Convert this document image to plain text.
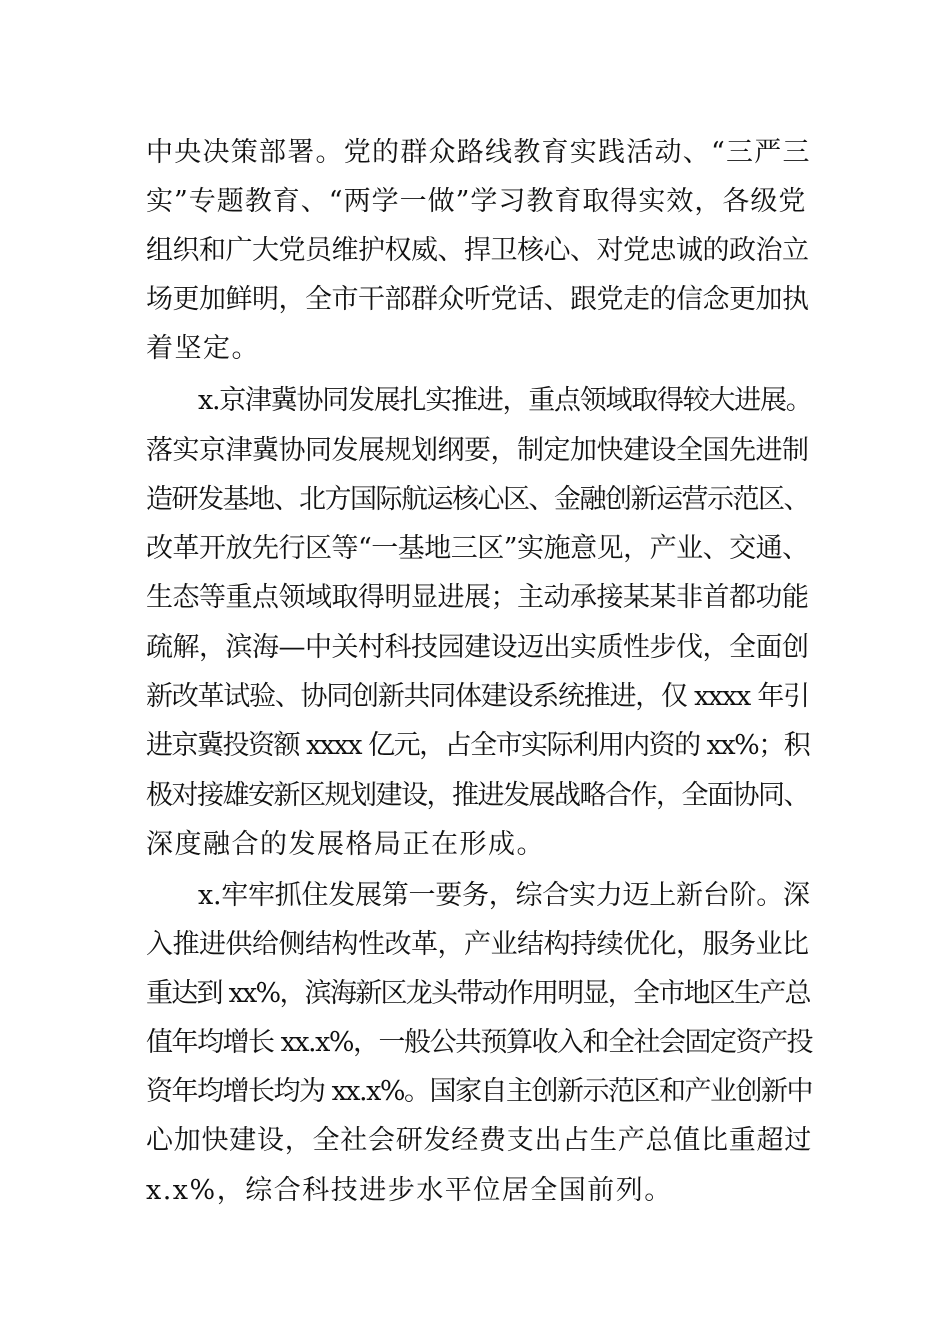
中央决策部署。党的群众路线教育实践活动、“三严三
实”专题教育、“两学一做”学习教育取得实效，各级党
组织和广大党员维护权威、捍卫核心、对党忠诚的政治立
场更加鲜明，全市干部群众听党话、跟党走的信念更加执
着坚定。
x.京津冀协同发展扎实推进，重点领域取得较大进展。
落实京津冀协同发展规划纲要，制定加快建设全国先进制
造研发基地、北方国际航运核心区、金融创新运营示范区、
改革开放先行区等“一基地三区”实施意见，产业、交通、
生态等重点领域取得明显进展；主动承接某某非首都功能
疏解，滨海—中关村科技园建设迈出实质性步伐，全面创
新改革试验、协同创新共同体建设系统推进，仅 xxxx 年引
进京冀投资额 xxxx 亿元，占全市实际利用内资的 xx%；积
极对接雄安新区规划建设，推进发展战略合作，全面协同、
深度融合的发展格局正在形成。
x.牢牢抓住发展第一要务，综合实力迈上新台阶。深
入推进供给侧结构性改革，产业结构持续优化，服务业比
重达到 xx%，滨海新区龙头带动作用明显，全市地区生产总
值年均增长 xx.x%，一般公共预算收入和全社会固定资产投
资年均增长均为 xx.x%。国家自主创新示范区和产业创新中
心加快建设，全社会研发经费支出占生产总值比重超过
x.x%，综合科技进步水平位居全国前列。
